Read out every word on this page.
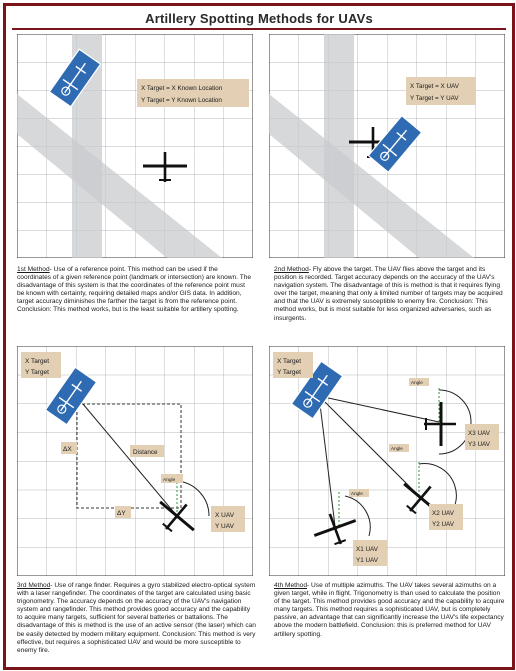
Artillery Spotting Methods for UAVs
X Target = X Known Location
Y Target = Y Known Location
1st Method- Use of a reference point. This method can be used if the coordinates of a given reference point (landmark or intersection) are known. The disadvantage of this system is that the coordinates of the reference point must be known with certainty, requiring detailed maps and/or GIS data. In addition, target accuracy diminishes the farther the target is from the reference point. Conclusion: This method works, but is the least suitable for artillery spotting.
X Target = X UAV
Y Target = Y UAV
2nd Method- Fly above the target. The UAV flies above the target and its position is recorded. Target accuracy depends on the accuracy of the UAV's navigation system. The disadvantage of this is method is that it requires flying over the target, meaning that only a limited number of targets may be acquired and that the UAV is extremely susceptible to enemy fire. Conclusion: This method works, but is most suitable for less organized adversaries, such as insurgents.
X Target
Y Target
ΔX
ΔY
Distance
Angle
X UAV
Y UAV
3rd Method- Use of range finder. Requires a gyro stabilized electro-optical system with a laser rangefinder. The coordinates of the target are calculated using basic trigonometry. The accuracy depends on the accuracy of the UAV's navigation system and rangefinder. This method provides good accuracy and the capability to acquire many targets, sufficient for several batteries or battalions. The disadvantage of this is method is the use of an active sensor (the laser) which can be easily detected by modern military equipment. Conclusion: This method is very effective, but requires a sophisticated UAV and would be more susceptible to enemy fire.
X Target
Y Target
Angle
Angle
Angle
X3 UAV
Y3 UAV
X2 UAV
Y2 UAV
X1 UAV
Y1 UAV
4th Method- Use of multiple azimuths. The UAV takes several azimuths on a given target, while in flight. Trigonometry is than used to calculate the position of the target. This method provides good accuracy and the capability to acquire many targets. This method requires a sophisticated UAV, but is completely passive, an advantage that can significantly increase the UAV's life expectancy above the modern battlefield. Conclusion: this is preferred method for UAV artillery spotting.
